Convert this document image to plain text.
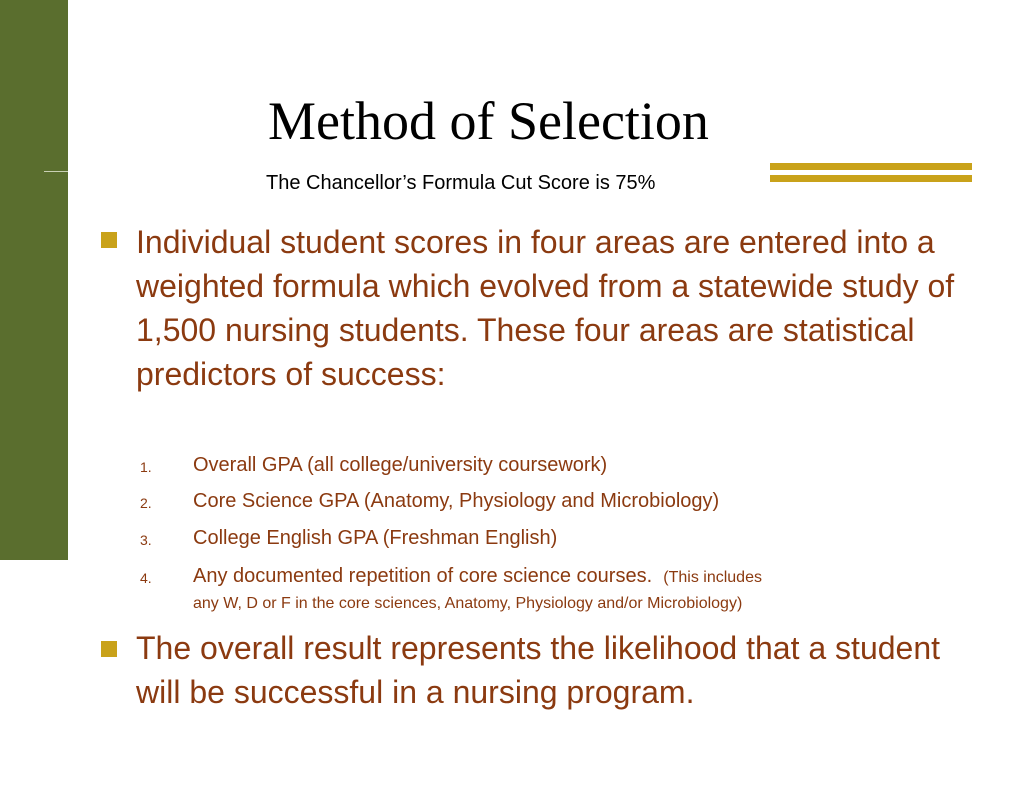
Method of Selection
The Chancellor’s Formula Cut Score is 75%

Individual student scores in four areas are entered into a weighted formula which evolved from a statewide study of 1,500 nursing students. These four areas are statistical predictors of success:

1. Overall GPA (all college/university coursework)
2. Core Science GPA (Anatomy, Physiology and Microbiology)
3. College English GPA (Freshman English)
4. Any documented repetition of core science courses. (This includes
any W, D or F in the core sciences, Anatomy, Physiology and/or Microbiology)

The overall result represents the likelihood that a student will be successful in a nursing program.
